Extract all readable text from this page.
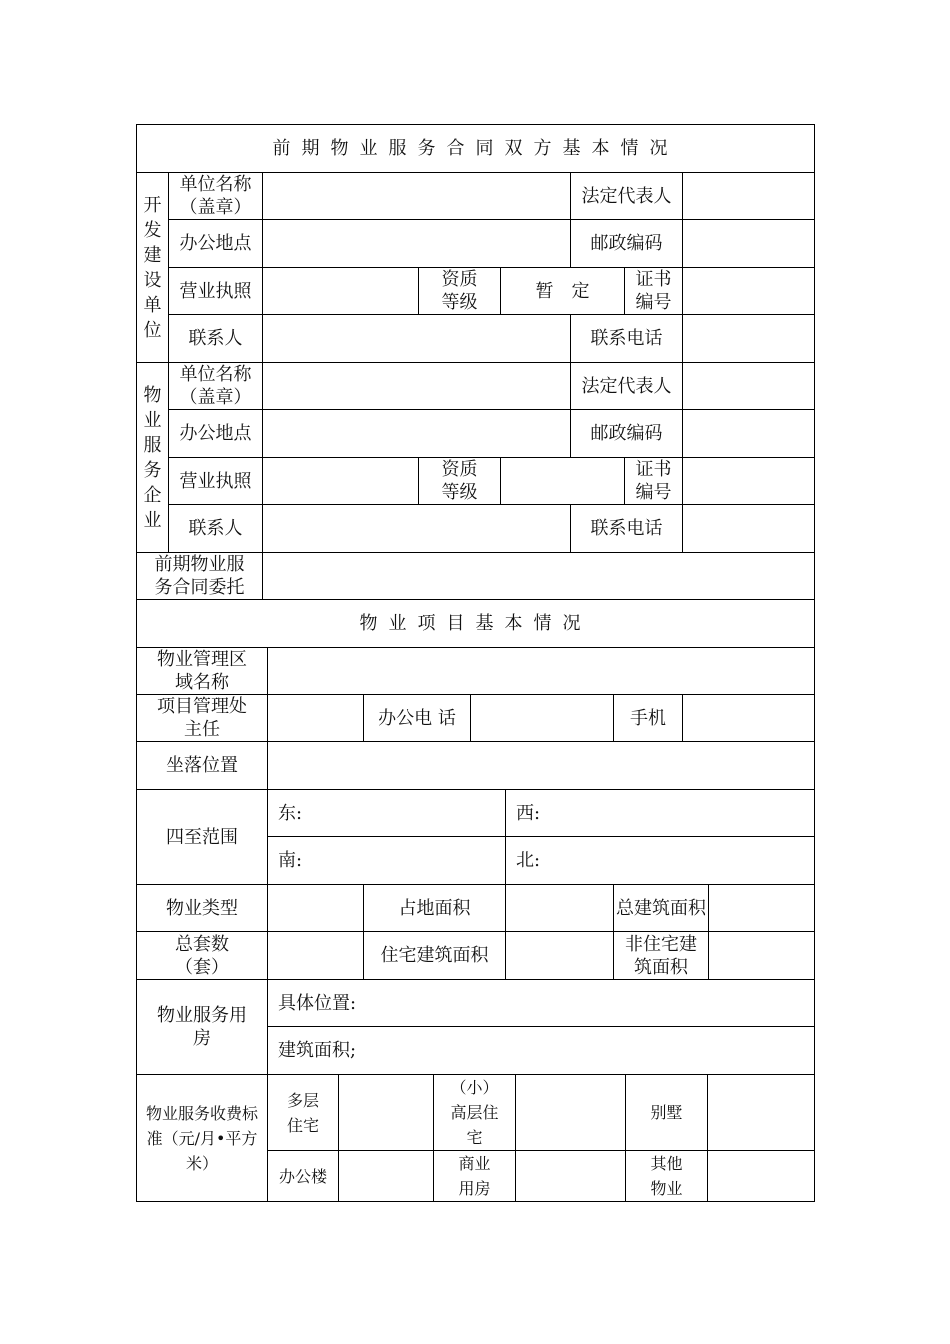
前期物业服务合同双方基本情况							

开发建设单位	单位名称（盖章）				法定代表人		
	办公地点				邮政编码		
	营业执照		资质等级	暂　定		证书编号	

	联系人				联系电话		

物业服务企业	单位名称（盖章）				法定代表人		
	办公地点				邮政编码		
	营业执照		资质等级			证书编号	

	联系人				联系电话		

前期物业服务合同委托							

物业项目基本情况							

物业管理区域名称							

项目管理处主任		办公电 话			手机		
坐落位置							
四至范围	东:			西:			
	南:			北:			
物业类型		占地面积			总建筑面积		

总套数（套）		住宅建筑面积			非住宅建筑面积		

物业服务用房	具体位置:						
	建筑面积;						
物业服务收费标准（元/月•平方米）	多层住宅		（小）高层住宅		别墅	
	办公楼		商业用房		其他物业	
